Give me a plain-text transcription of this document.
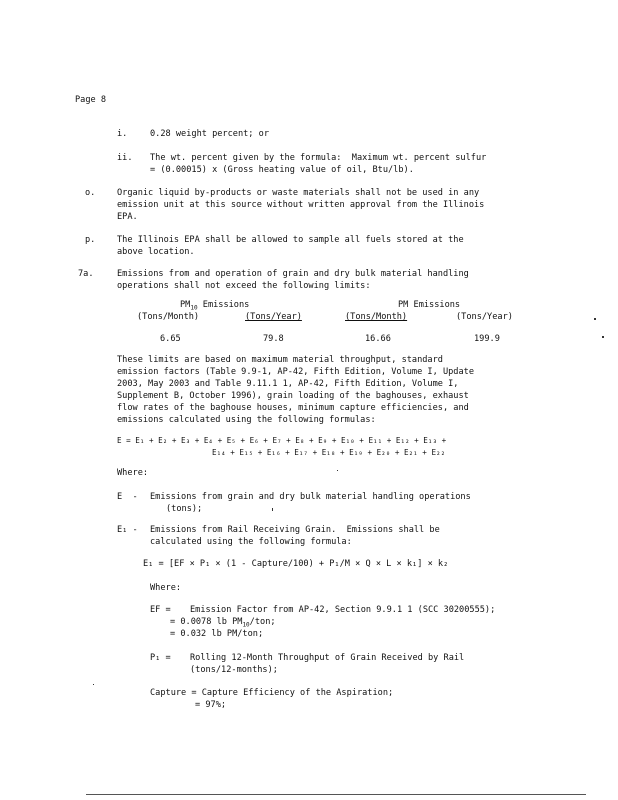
Page 8
i.	0.28 weight percent; or
ii. The wt. percent given by the formula:  Maximum wt. percent sulfur
= (0.00015) x (Gross heating value of oil, Btu/lb).
o.	Organic liquid by-products or waste materials shall not be used in any
emission unit at this source without written approval from the Illinois
EPA.
p.	The Illinois EPA shall be allowed to sample all fuels stored at the
above location.
7a.	Emissions from and operation of grain and dry bulk material handling
operations shall not exceed the following limits:
$PM_{10}$ Emissions	PM Emissions
(Tons/Month)	(Tons/Year)	(Tons/Month)	(Tons/Year)
6.65	79.8	16.66	199.9
These limits are based on maximum material throughput, standard
emission factors (Table 9.9-1, AP-42, Fifth Edition, Volume I, Update
2003, May 2003 and Table 9.11.1 1, AP-42, Fifth Edition, Volume I,
Supplement B, October 1996), grain loading of the baghouses, exhaust
flow rates of the baghouse houses, minimum capture efficiencies, and
emissions calculated using the following formulas:
E = E₁ + E₂ + E₃ + E₄ + E₅ + E₆ + E₇ + E₈ + E₉ + E₁₀ + E₁₁ + E₁₂ + E₁₃ +
E₁₄ + E₁₅ + E₁₆ + E₁₇ + E₁₈ + E₁₉ + E₂₀ + E₂₁ + E₂₂
Where:
E  - Emissions from grain and dry bulk material handling operations
(tons);
E₁ - Emissions from Rail Receiving Grain.  Emissions shall be
calculated using the following formula:
E₁ = [EF × P₁ × (1 - Capture/100) + P₁/M × Q × L × k₁] × k₂
Where:
EF = Emission Factor from AP-42, Section 9.9.1 1 (SCC 30200555);
= 0.0078 lb $PM_{10}$/ton;
= 0.032 lb PM/ton;
P₁ = Rolling 12-Month Throughput of Grain Received by Rail
(tons/12-months);
Capture = Capture Efficiency of the Aspiration;
= 97%;
